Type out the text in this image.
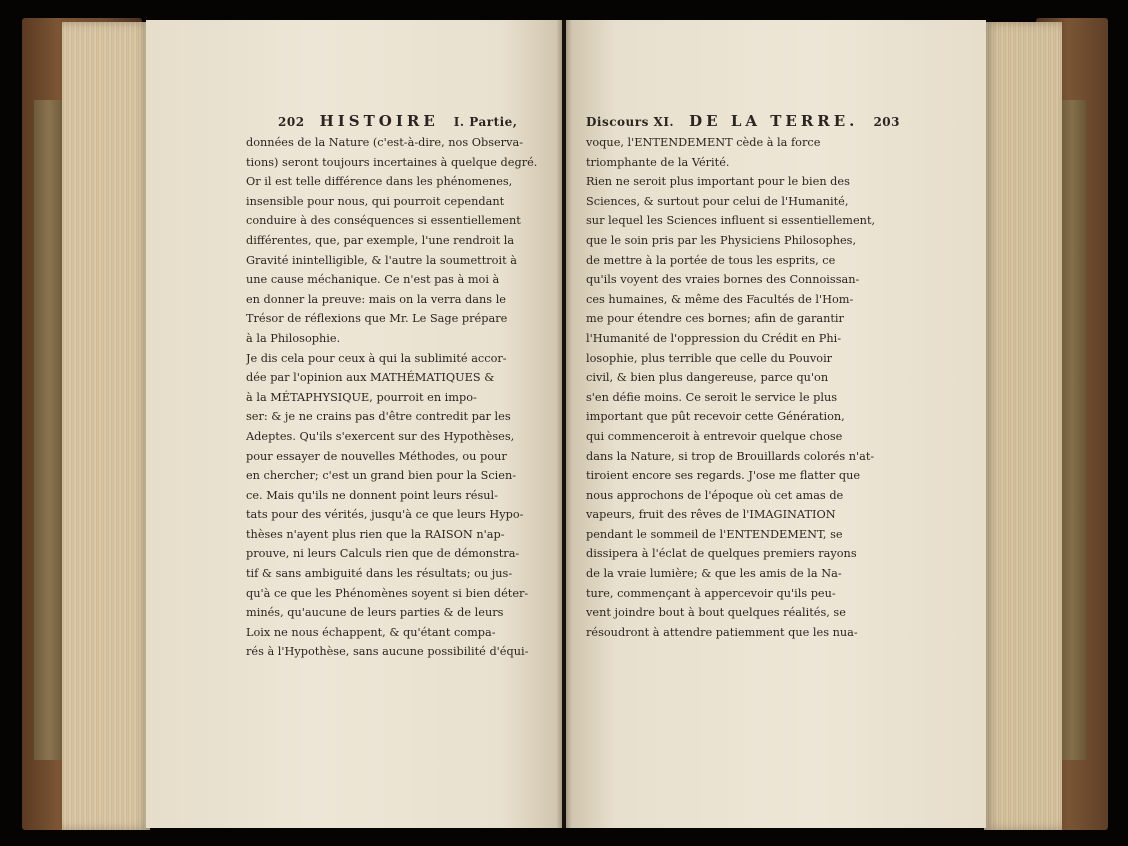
202 HISTOIRE I. Partie,
données de la Nature (c'est-à-dire, nos Observa-
tions) seront toujours incertaines à quelque degré.
Or il est telle différence dans les phénomenes,
insensible pour nous, qui pourroit cependant
conduire à des conséquences si essentiellement
différentes, que, par exemple, l'une rendroit la
Gravité inintelligible, & l'autre la soumettroit à
une cause méchanique. Ce n'est pas à moi à
en donner la preuve: mais on la verra dans le
Trésor de réflexions que Mr. Le Sage prépare
à la Philosophie.
Je dis cela pour ceux à qui la sublimité accor-
dée par l'opinion aux MATHÉMATIQUES &
à la MÉTAPHYSIQUE, pourroit en impo-
ser: & je ne crains pas d'être contredit par les
Adeptes. Qu'ils s'exercent sur des Hypothèses,
pour essayer de nouvelles Méthodes, ou pour
en chercher; c'est un grand bien pour la Scien-
ce. Mais qu'ils ne donnent point leurs résul-
tats pour des vérités, jusqu'à ce que leurs Hypo-
thèses n'ayent plus rien que la RAISON n'ap-
prouve, ni leurs Calculs rien que de démonstra-
tif & sans ambiguité dans les résultats; ou jus-
qu'à ce que les Phénomènes soyent si bien déter-
minés, qu'aucune de leurs parties & de leurs
Loix ne nous échappent, & qu'étant compa-
rés à l'Hypothèse, sans aucune possibilité d'équi-
Discours XI. DE LA TERRE. 203
voque, l'ENTENDEMENT cède à la force
triomphante de la Vérité.
Rien ne seroit plus important pour le bien des
Sciences, & surtout pour celui de l'Humanité,
sur lequel les Sciences influent si essentiellement,
que le soin pris par les Physiciens Philosophes,
de mettre à la portée de tous les esprits, ce
qu'ils voyent des vraies bornes des Connoissan-
ces humaines, & même des Facultés de l'Hom-
me pour étendre ces bornes; afin de garantir
l'Humanité de l'oppression du Crédit en Phi-
losophie, plus terrible que celle du Pouvoir
civil, & bien plus dangereuse, parce qu'on
s'en défie moins. Ce seroit le service le plus
important que pût recevoir cette Génération,
qui commenceroit à entrevoir quelque chose
dans la Nature, si trop de Brouillards colorés n'at-
tiroient encore ses regards. J'ose me flatter que
nous approchons de l'époque où cet amas de
vapeurs, fruit des rêves de l'IMAGINATION
pendant le sommeil de l'ENTENDEMENT, se
dissipera à l'éclat de quelques premiers rayons
de la vraie lumière; & que les amis de la Na-
ture, commençant à appercevoir qu'ils peu-
vent joindre bout à bout quelques réalités, se
résoudront à attendre patiemment que les nua-
